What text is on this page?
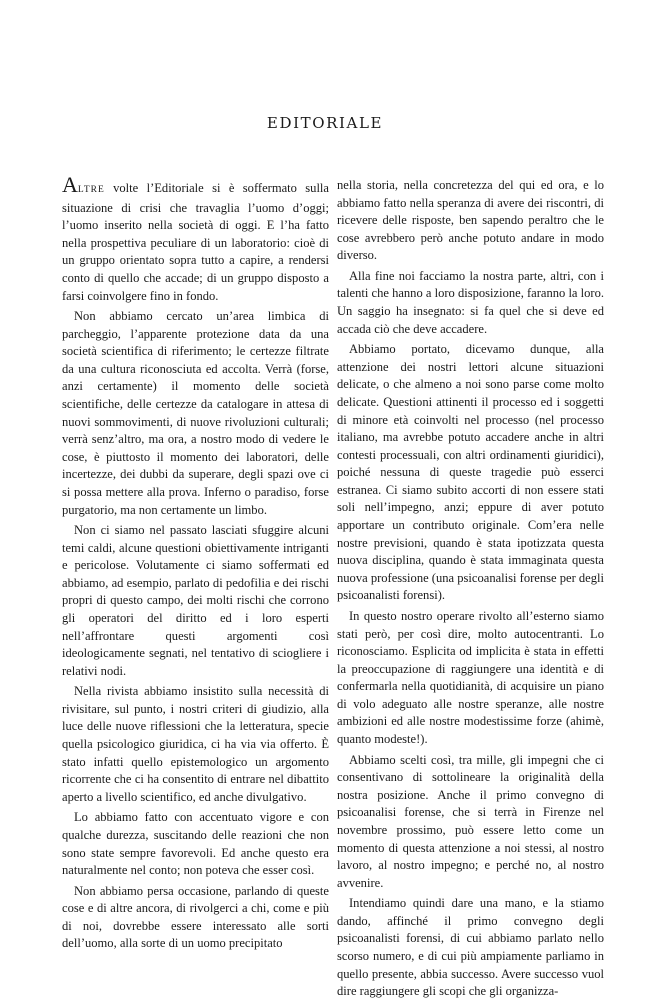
EDITORIALE

ALTRE volte l’Editoriale si è soffermato sulla situazione di crisi che travaglia l’uomo d’oggi; l’uomo inserito nella società di oggi. E l’ha fatto nella prospettiva peculiare di un laboratorio: cioè di un gruppo orientato sopra tutto a capire, a rendersi conto di quello che accade; di un gruppo disposto a farsi coinvolgere fino in fondo.

Non abbiamo cercato un’area limbica di parcheggio, l’apparente protezione data da una società scientifica di riferimento; le certezze filtrate da una cultura riconosciuta ed accolta. Verrà (forse, anzi certamente) il momento delle società scientifiche, delle certezze da catalogare in attesa di nuovi sommovimenti, di nuove rivoluzioni culturali; verrà senz’altro, ma ora, a nostro modo di vedere le cose, è piuttosto il momento dei laboratori, delle incertezze, dei dubbi da superare, degli spazi ove ci si possa mettere alla prova. Inferno o paradiso, forse purgatorio, ma non certamente un limbo.

Non ci siamo nel passato lasciati sfuggire alcuni temi caldi, alcune questioni obiettivamente intriganti e pericolose. Volutamente ci siamo soffermati ed abbiamo, ad esempio, parlato di pedofilia e dei rischi propri di questo campo, dei molti rischi che corrono gli operatori del diritto ed i loro esperti nell’affrontare questi argomenti così ideologicamente segnati, nel tentativo di sciogliere i relativi nodi.

Nella rivista abbiamo insistito sulla necessità di rivisitare, sul punto, i nostri criteri di giudizio, alla luce delle nuove riflessioni che la letteratura, specie quella psicologico giuridica, ci ha via via offerto. È stato infatti quello epistemologico un argomento ricorrente che ci ha consentito di entrare nel dibattito aperto a livello scientifico, ed anche divulgativo.

Lo abbiamo fatto con accentuato vigore e con qualche durezza, suscitando delle reazioni che non sono state sempre favorevoli. Ed anche questo era naturalmente nel conto; non poteva che esser così.

Non abbiamo persa occasione, parlando di queste cose e di altre ancora, di rivolgerci a chi, come e più di noi, dovrebbe essere interessato alle sorti dell’uomo, alla sorte di un uomo precipitato

nella storia, nella concretezza del qui ed ora, e lo abbiamo fatto nella speranza di avere dei riscontri, di ricevere delle risposte, ben sapendo peraltro che le cose avrebbero però anche potuto andare in modo diverso.

Alla fine noi facciamo la nostra parte, altri, con i talenti che hanno a loro disposizione, faranno la loro. Un saggio ha insegnato: si fa quel che si deve ed accada ciò che deve accadere.

Abbiamo portato, dicevamo dunque, alla attenzione dei nostri lettori alcune situazioni delicate, o che almeno a noi sono parse come molto delicate. Questioni attinenti il processo ed i soggetti di minore età coinvolti nel processo (nel processo italiano, ma avrebbe potuto accadere anche in altri contesti processuali, con altri ordinamenti giuridici), poiché nessuna di queste tragedie può esserci estranea. Ci siamo subito accorti di non essere stati soli nell’impegno, anzi; eppure di aver potuto apportare un contributo originale. Com’era nelle nostre previsioni, quando è stata ipotizzata questa nuova disciplina, quando è stata immaginata questa nuova professione (una psicoanalisi forense per degli psicoanalisti forensi).

In questo nostro operare rivolto all’esterno siamo stati però, per così dire, molto autocentranti. Lo riconosciamo. Esplicita od implicita è stata in effetti la preoccupazione di raggiungere una identità e di confermarla nella quotidianità, di acquisire un piano di volo adeguato alle nostre speranze, alle nostre ambizioni ed alle nostre modestissime forze (ahimè, quanto modeste!).

Abbiamo scelti così, tra mille, gli impegni che ci consentivano di sottolineare la originalità della nostra posizione. Anche il primo convegno di psicoanalisi forense, che si terrà in Firenze nel novembre prossimo, può essere letto come un momento di questa attenzione a noi stessi, al nostro lavoro, al nostro impegno; e perché no, al nostro avvenire.

Intendiamo quindi dare una mano, e la stiamo dando, affinché il primo convegno degli psicoanalisti forensi, di cui abbiamo parlato nello scorso numero, e di cui più ampiamente parliamo in quello presente, abbia successo. Avere successo vuol dire raggiungere gli scopi che gli organizza-
